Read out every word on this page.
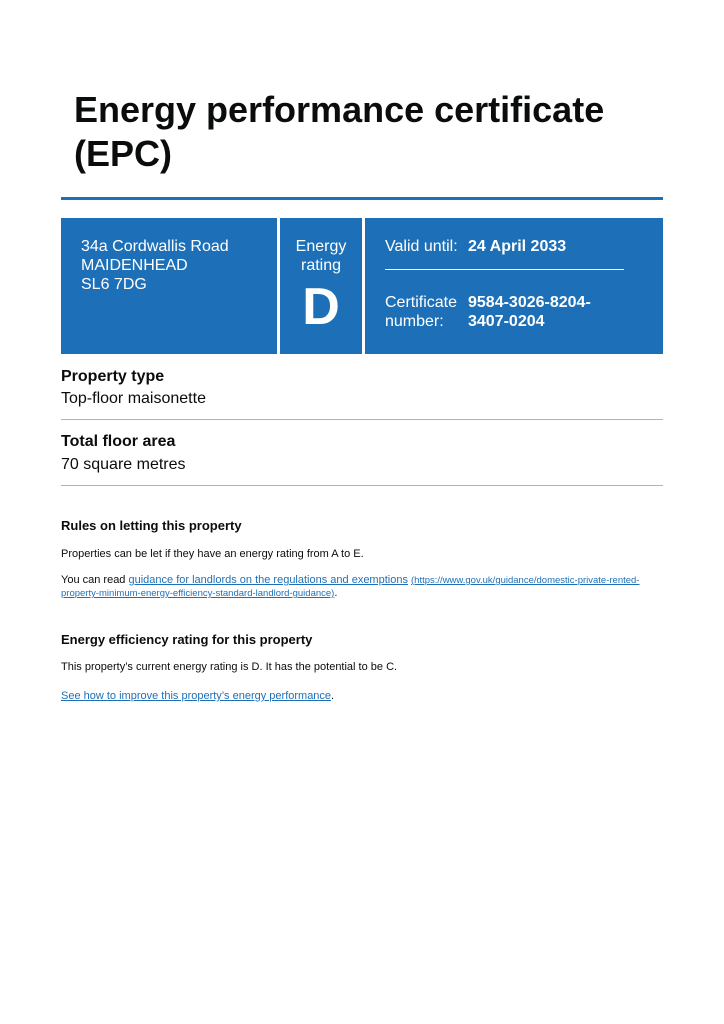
Energy performance certificate (EPC)
34a Cordwallis Road
MAIDENHEAD
SL6 7DG
Energy
rating
D
Valid until: 24 April 2033
Certificate
number:
9584-3026-8204-
3407-0204
Property type
Top-floor maisonette
Total floor area
70 square metres
Rules on letting this property
Properties can be let if they have an energy rating from A to E.
You can read guidance for landlords on the regulations and exemptions (https://www.gov.uk/guidance/domestic-private-rented-
property-minimum-energy-efficiency-standard-landlord-guidance).
Energy efficiency rating for this property
This property’s current energy rating is D. It has the potential to be C.
See how to improve this property’s energy performance.
